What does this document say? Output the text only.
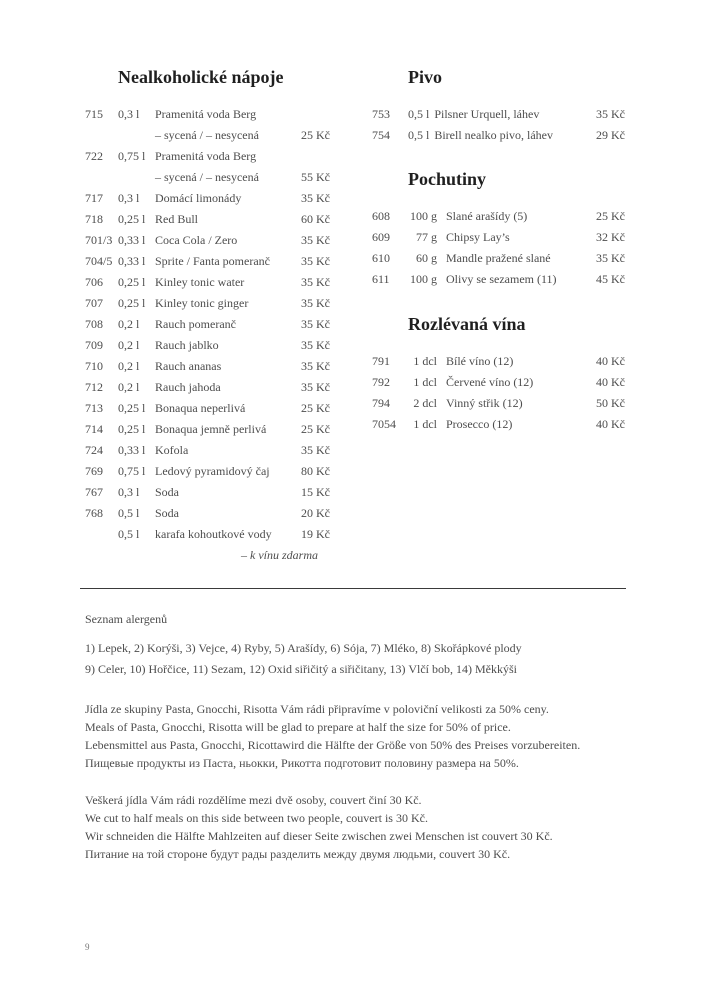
Nealkoholické nápoje
715	0,3 l	Pramenitá voda Berg
– sycená / – nesycená	25 Kč
722	0,75 l Pramenitá voda Berg
– sycená / – nesycená	55 Kč
717	0,3 l	Domácí limonády	35 Kč
718	0,25 l Red Bull	60 Kč
701/3 0,33 l Coca Cola / Zero	35 Kč
704/5 0,33 l Sprite / Fanta pomeranč	35 Kč
706	0,25 l Kinley tonic water	35 Kč
707	0,25 l Kinley tonic ginger	35 Kč
708	0,2 l	Rauch pomeranč	35 Kč
709	0,2 l	Rauch jablko	35 Kč
710	0,2 l	Rauch ananas	35 Kč
712	0,2 l	Rauch jahoda	35 Kč
713	0,25 l Bonaqua neperlivá	25 Kč
714	0,25 l Bonaqua jemně perlivá	25 Kč
724	0,33 l Kofola	35 Kč
769	0,75 l Ledový pyramidový čaj	80 Kč
767	0,3 l	Soda	15 Kč
768	0,5 l	Soda	20 Kč
0,5 l	karafa kohoutkové vody	19 Kč
– k vínu zdarma
Pivo
753	0,5 l Pilsner Urquell, láhev	35 Kč
754	0,5 l Birell nealko pivo, láhev	29 Kč
Pochutiny
608	100 g Slané arašídy (5)	25 Kč
609	77 g Chipsy Lay’s	32 Kč
610	60 g Mandle pražené slané	35 Kč
611	100 g Olivy se sezamem (11)	45 Kč
Rozlévaná vína
791	1 dcl Bílé víno (12)	40 Kč
792	1 dcl Červené víno (12)	40 Kč
794	2 dcl Vinný střik (12)	50 Kč
7054	1 dcl Prosecco (12)	40 Kč
Seznam alergenů
1) Lepek, 2) Korýši, 3) Vejce, 4) Ryby, 5) Arašídy, 6) Sója, 7) Mléko, 8) Skořápkové plody
9) Celer, 10) Hořčice, 11) Sezam, 12) Oxid siřičitý a siřičitany, 13) Vlčí bob, 14) Měkkýši
Jídla ze skupiny Pasta, Gnocchi, Risotta Vám rádi připravíme v poloviční velikosti za 50% ceny.
Meals of Pasta, Gnocchi, Risotta will be glad to prepare at half the size for 50% of price.
Lebensmittel aus Pasta, Gnocchi, Ricottawird die Hälfte der Größe von 50% des Preises vorzubereiten.
Пищевые продукты из Паста, ньокки, Рикотта подготовит половину размера на 50%.
Veškerá jídla Vám rádi rozdělíme mezi dvě osoby, couvert činí 30 Kč.
We cut to half meals on this side between two people, couvert is 30 Kč.
Wir schneiden die Hälfte Mahlzeiten auf dieser Seite zwischen zwei Menschen ist couvert 30 Kč.
Питание на той стороне будут рады разделить между двумя людьми, couvert 30 Kč.
9
